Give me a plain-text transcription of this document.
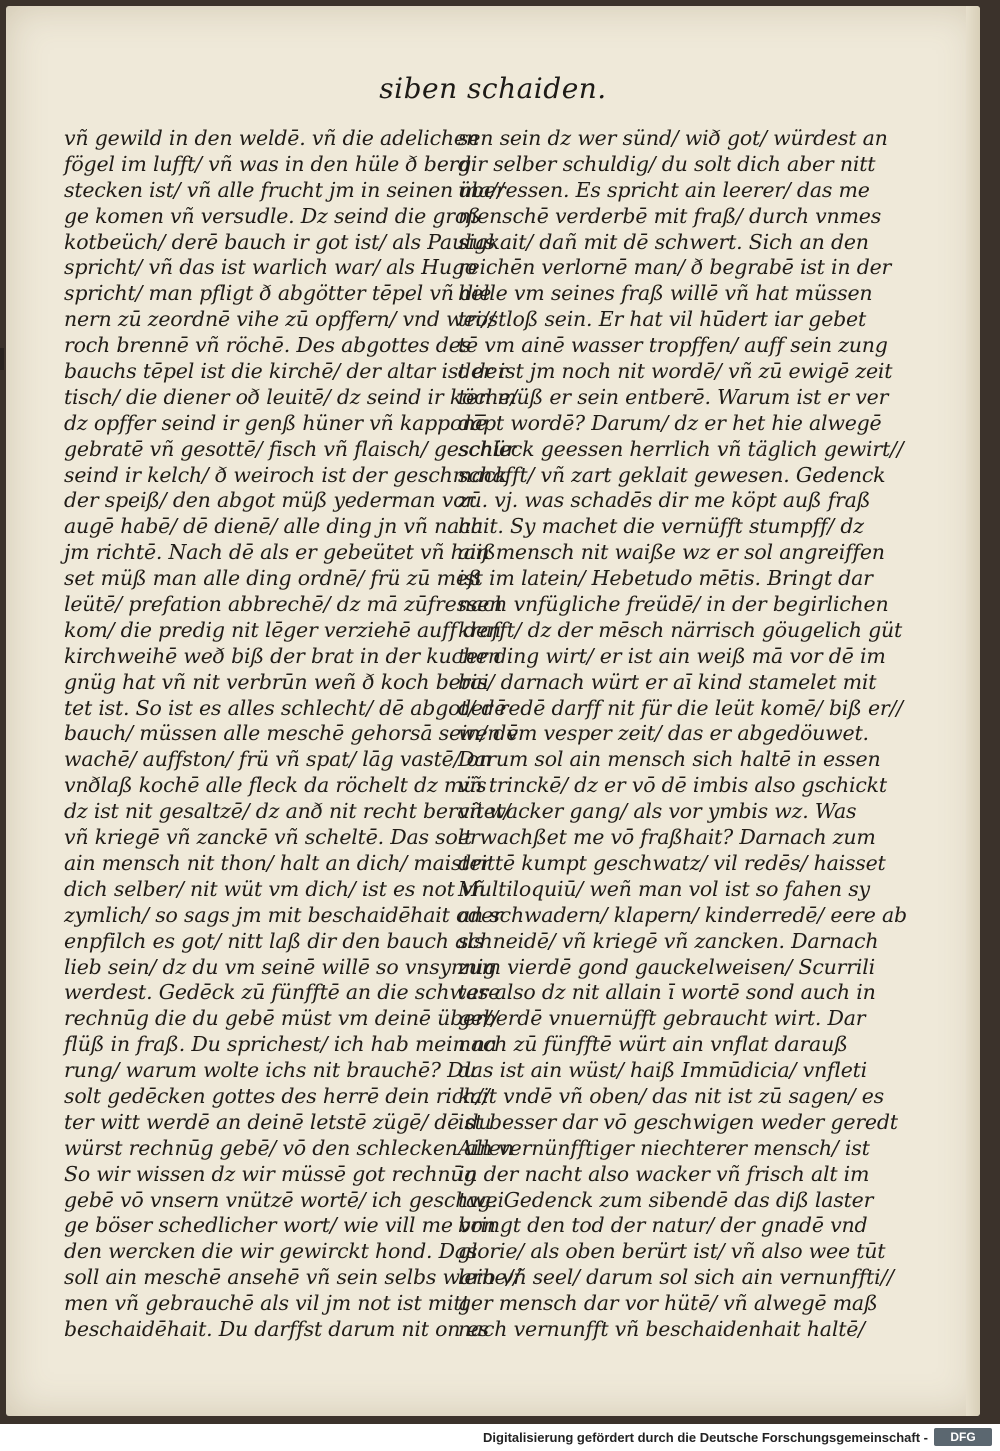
siben schaiden.
vñ gewild in den weldē. vñ die adelichen
fögel im lufft/ vñ was in den hüle ð berg
stecken ist/ vñ alle frucht jm in seinen ma//
ge komen vñ versudle. Dz seind die groß
kotbeüch/ derē bauch ir got ist/ als Paulus
spricht/ vñ das ist warlich war/ als Hugo
spricht/ man pfligt ð abgötter tēpel vñ die
nern zū zeordnē vihe zū opffern/ vnd wei//
roch brennē vñ röchē. Des abgottes des
bauchs tēpel ist die kirchē/ der altar ist der
tisch/ die diener oð leuitē/ dz seind ir köche/
dz opffer seind ir genß hüner vñ kapponē
gebratē vñ gesottē/ fisch vñ flaisch/ geschür
seind ir kelch/ ð weiroch ist der geschmack
der speiß/ den abgot müß yederman vor
augē habē/ dē dienē/ alle ding jn vñ nach
jm richtē. Nach dē als er gebeütet vñ haiß
set müß man alle ding ordnē/ frü zū meß
leütē/ prefation abbrechē/ dz mā zūfressen
kom/ die predig nit lēger verziehē auff den
kirchweihē weð biß der brat in der kuchen
gnüg hat vñ nit verbrūn weñ ð koch berai
tet ist. So ist es alles schlecht/ dē abgot/ dē
bauch/ müssen alle meschē gehorsā sein/ dē
wachē/ auffston/ frü vñ spat/ lāg vastē/ on
vnðlaß kochē alle fleck da röchelt dz müs
dz ist nit gesaltzē/ dz anð nit recht beraitet/
vñ kriegē vñ zanckē vñ scheltē. Das solt
ain mensch nit thon/ halt an dich/ maister
dich selber/ nit wüt vm dich/ ist es not vñ
zymlich/ so sags jm mit beschaidēhait oder
enpfilch es got/ nitt laß dir den bauch als
lieb sein/ dz du vm seinē willē so vnsynnig
werdest. Gedēck zū fünfftē an die schwere
rechnūg die du gebē müst vm deinē über//
flüß in fraß. Du sprichest/ ich hab mein na
rung/ warum wolte ichs nit brauchē? Du
solt gedēcken gottes des herrē dein rich//
ter witt werdē an deinē letstē zügē/ dē du
würst rechnūg gebē/ vō den schlecken allen
So wir wissen dz wir müssē got rechnūg
gebē vō vnsern vnützē wortē/ ich geschwei
ge böser schedlicher wort/ wie vill me von
den wercken die wir gewirckt hond. Das
soll ain meschē ansehē vñ sein selbs warne//
men vñ gebrauchē als vil jm not ist mitt
beschaidēhait. Du darffst darum nit on es
sen sein dz wer sünd/ wið got/ würdest an
dir selber schuldig/ du solt dich aber nitt
überessen. Es spricht ain leerer/ das me
menschē verderbē mit fraß/ durch vnmes
sigkait/ dañ mit dē schwert. Sich an den
reichēn verlornē man/ ð begrabē ist in der
helle vm seines fraß willē vñ hat müssen
trostloß sein. Er hat vil hūdert iar gebet
tē vm ainē wasser tropffen/ auff sein zung
der ist jm noch nit wordē/ vñ zū ewigē zeit
ten müß er sein entberē. Warum ist er ver
dāpt wordē? Darum/ dz er het hie alwegē
schleck geessen herrlich vñ täglich gewirt//
schafft/ vñ zart geklait gewesen. Gedenck
zū. vj. was schadēs dir me köpt auß fraß
hait. Sy machet die vernüfft stumpff/ dz
ain mensch nit waiße wz er sol angreiffen
ist im latein/ Hebetudo mētis. Bringt dar
nach vnfügliche freüdē/ in der begirlichen
krafft/ dz der mēsch närrisch göugelich güt
ter ding wirt/ er ist ain weiß mā vor dē im
bis/ darnach würt er aī kind stamelet mit
der redē darff nit für die leüt komē/ biß er//
wen vm vesper zeit/ das er abgedöuwet.
Darum sol ain mensch sich haltē in essen
vñ trinckē/ dz er vō dē imbis also gschickt
vñ wacker gang/ als vor ymbis wz. Was
erwachßet me vō fraßhait? Darnach zum
drittē kumpt geschwatz/ vil redēs/ haisset
Multiloquiū/ weñ man vol ist so fahen sy
an schwadern/ klapern/ kinderredē/ eere ab
schneidē/ vñ kriegē vñ zancken. Darnach
zum vierdē gond gauckelweisen/ Scurrili
tas also dz nit allain ī wortē sond auch in
geberdē vnuernüfft gebraucht wirt. Dar
nach zū fünfftē würt ain vnflat darauß
das ist ain wüst/ haiß Immūdicia/ vnfleti
kait vndē vñ oben/ das nit ist zū sagen/ es
ist besser dar vō geschwigen weder geredt
Ain vernünfftiger niechterer mensch/ ist
in der nacht also wacker vñ frisch alt im
tag. Gedenck zum sibendē das diß laster
bringt den tod der natur/ der gnadē vnd
glorie/ als oben berürt ist/ vñ also wee tūt
leib vñ seel/ darum sol sich ain vernunffti//
ger mensch dar vor hütē/ vñ alwegē maß
nach vernunfft vñ beschaidenhait haltē/
Digitalisierung gefördert durch die Deutsche Forschungsgemeinschaft -	DFG
